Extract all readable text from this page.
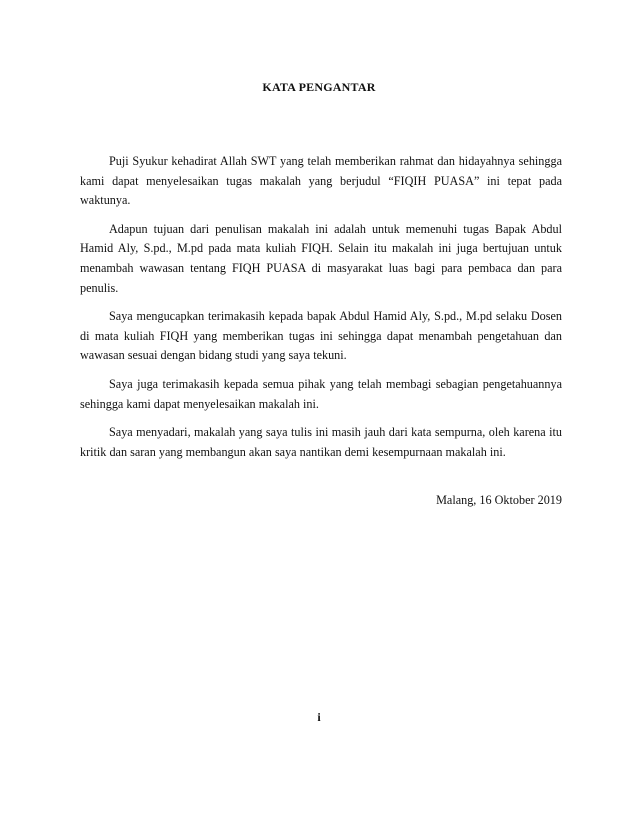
KATA PENGANTAR

Puji Syukur kehadirat Allah SWT yang telah memberikan rahmat dan hidayahnya sehingga kami dapat menyelesaikan tugas makalah yang berjudul “FIQIH PUASA” ini tepat pada waktunya.

Adapun tujuan dari penulisan makalah ini adalah untuk memenuhi tugas Bapak Abdul Hamid Aly, S.pd., M.pd pada mata kuliah FIQH. Selain itu makalah ini juga bertujuan untuk menambah wawasan tentang FIQH PUASA di masyarakat luas bagi para pembaca dan para penulis.

Saya mengucapkan terimakasih kepada bapak Abdul Hamid Aly, S.pd., M.pd selaku Dosen di mata kuliah FIQH yang memberikan tugas ini sehingga dapat menambah pengetahuan dan wawasan sesuai dengan bidang studi yang saya tekuni.

Saya juga terimakasih kepada semua pihak yang telah membagi sebagian pengetahuannya sehingga kami dapat menyelesaikan makalah ini.

Saya menyadari, makalah yang saya tulis ini masih jauh dari kata sempurna, oleh karena itu kritik dan saran yang membangun akan saya nantikan demi kesempurnaan makalah ini.

Malang, 16 Oktober 2019
i
